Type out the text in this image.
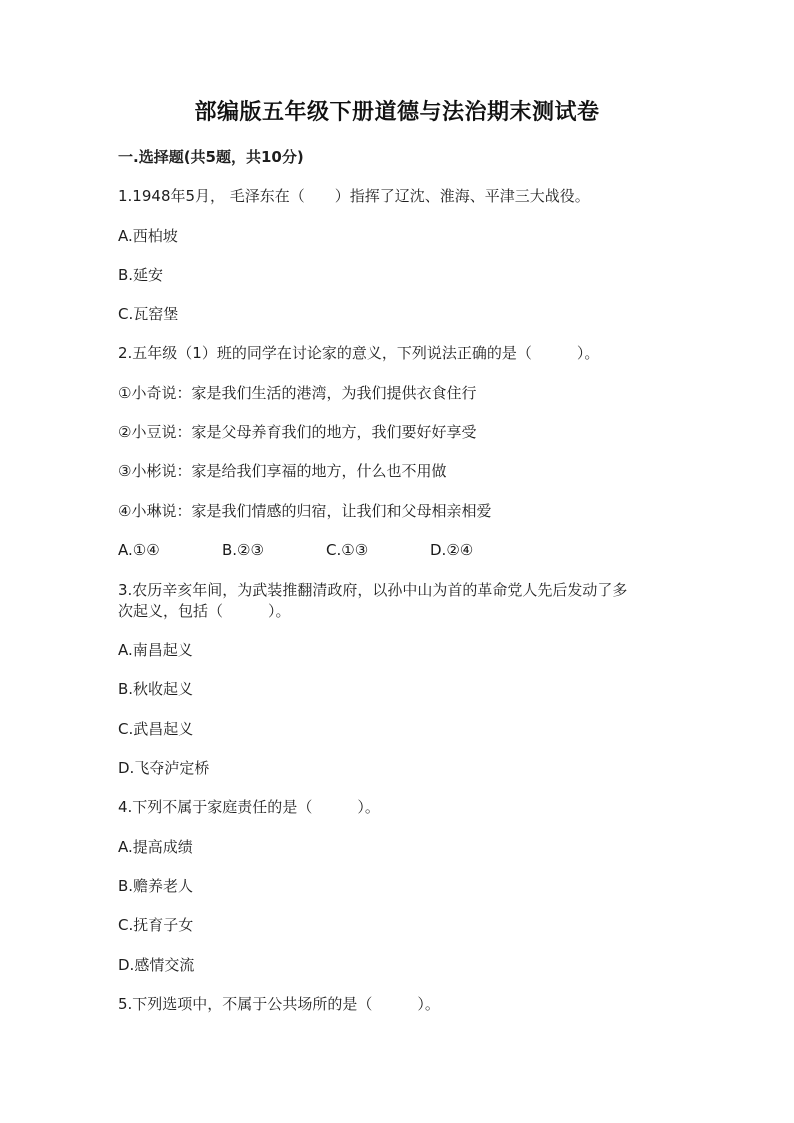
部编版五年级下册道德与法治期末测试卷
一.选择题(共5题，共10分)
1.1948年5月， 毛泽东在（　　）指挥了辽沈、淮海、平津三大战役。
A.西柏坡
B.延安
C.瓦窑堡
2.五年级（1）班的同学在讨论家的意义，下列说法正确的是（　　　）。
①小奇说：家是我们生活的港湾，为我们提供衣食住行
②小豆说：家是父母养育我们的地方，我们要好好享受
③小彬说：家是给我们享福的地方，什么也不用做
④小琳说：家是我们情感的归宿，让我们和父母相亲相爱
A.①④	B.②③	C.①③	D.②④
3.农历辛亥年间，为武装推翻清政府，以孙中山为首的革命党人先后发动了多
次起义，包括（　　　）。
A.南昌起义
B.秋收起义
C.武昌起义
D.飞夺泸定桥
4.下列不属于家庭责任的是（　　　）。
A.提高成绩
B.赡养老人
C.抚育子女
D.感情交流
5.下列选项中，不属于公共场所的是（　　　）。
